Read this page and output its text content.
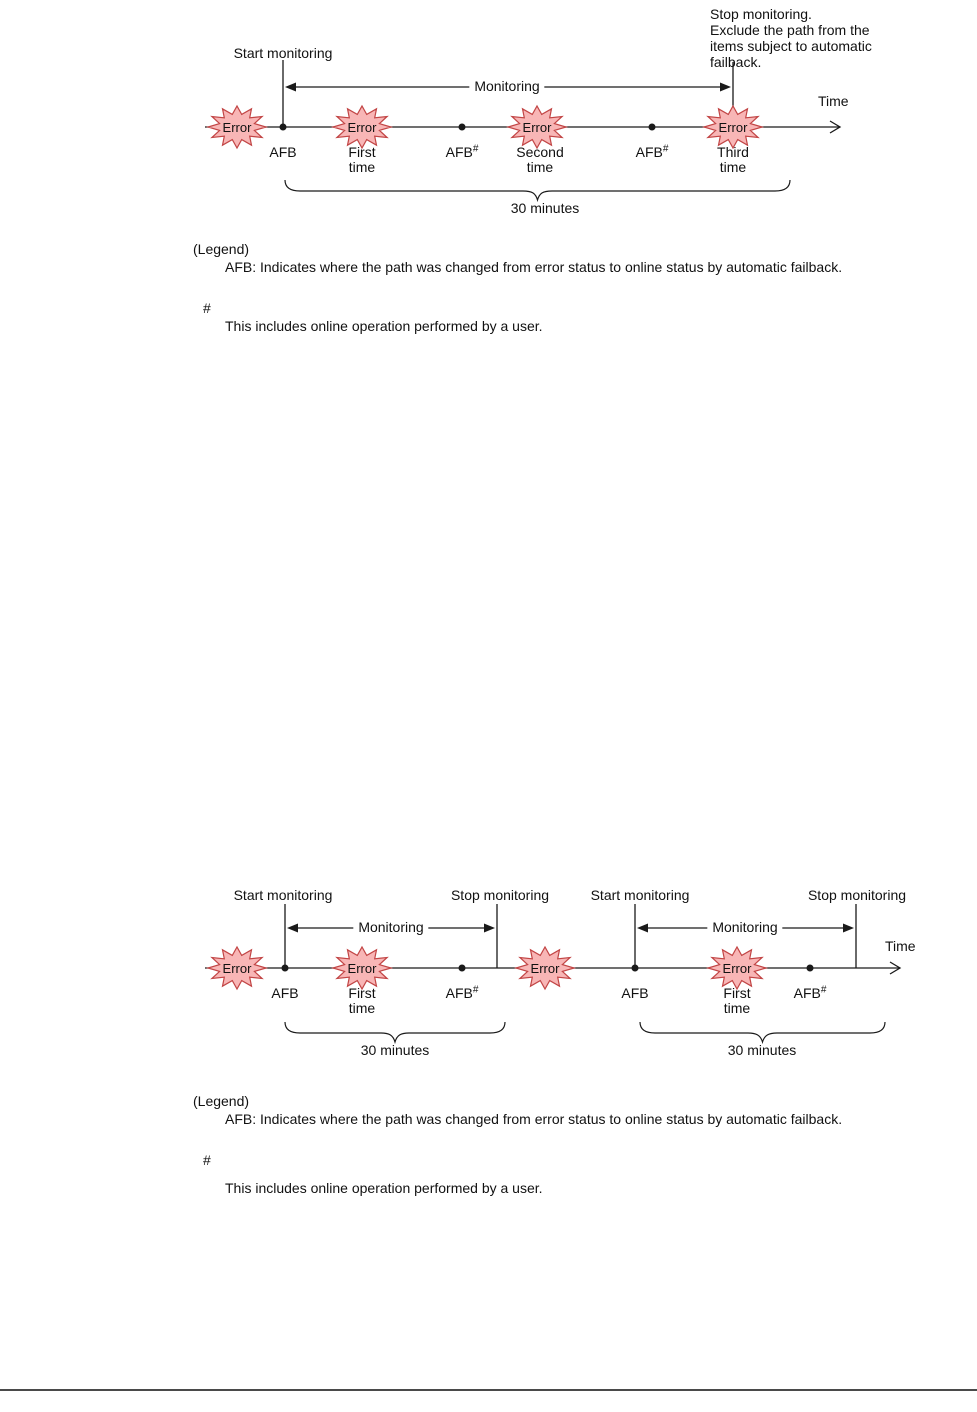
Start monitoring
Stop monitoring.
Exclude the path from the
items subject to automatic
failback.
Monitoring
Time
Error	Error	Error	Error
AFB	First
time
AFB#	Second
time
AFB#	Third
time
30 minutes
(Legend)
AFB: Indicates where the path was changed from error status to online status by automatic failback.
#
This includes online operation performed by a user.
Start monitoring	Stop monitoring	Start monitoring	Stop monitoring
Monitoring	Monitoring
Time
Error	Error	Error	Error
AFB	First
time
AFB#	AFB	First
time
AFB#
30 minutes	30 minutes
(Legend)
AFB: Indicates where the path was changed from error status to online status by automatic failback.
#
This includes online operation performed by a user.
